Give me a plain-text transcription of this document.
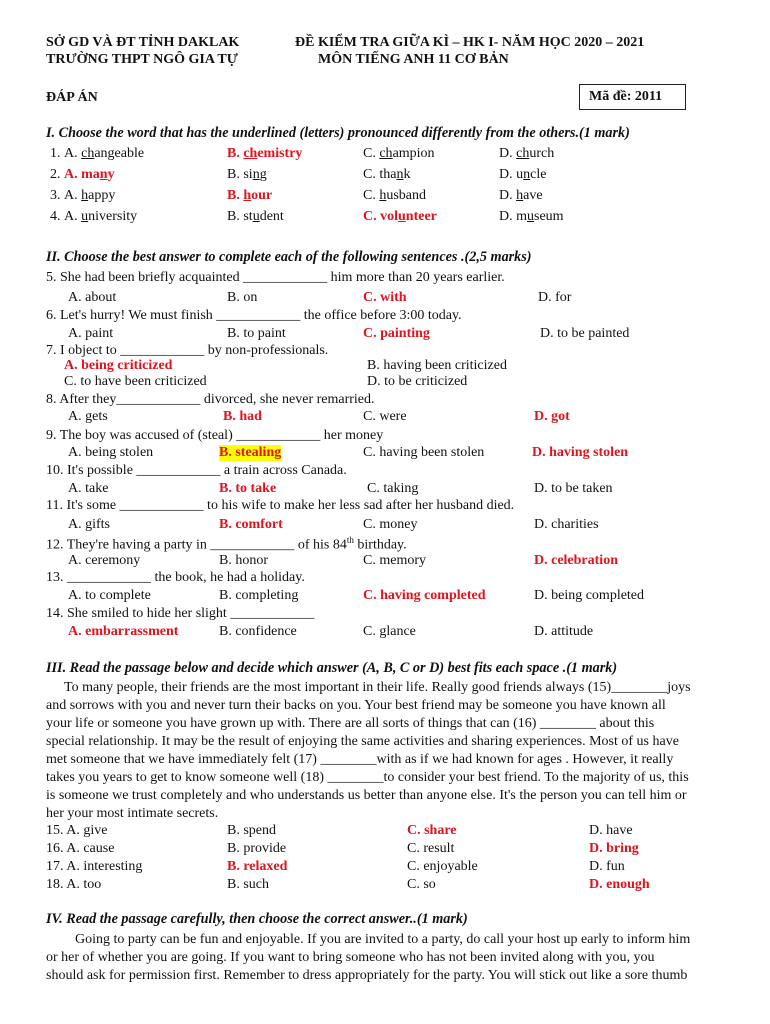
SỞ GD VÀ ĐT TỈNH DAKLAK
TRƯỜNG THPT NGÔ GIA TỰ
ĐỀ KIỂM TRA GIỮA KÌ – HK I- NĂM HỌC 2020 – 2021
MÔN TIẾNG ANH 11 CƠ BẢN
ĐÁP ÁN	Mã đề: 2011
I. Choose the word that has the underlined (letters) pronounced differently from the others.(1 mark)
1. A. changeable	B. chemistry	C. champion	D. church
2. A. many	B. sing	C. thank	D. uncle
3. A. happy	B. hour	C. husband	D. have
4. A. university	B. student	C. volunteer	D. museum
II. Choose the best answer to complete each of the following sentences .(2,5 marks)
5. She had been briefly acquainted ____________ him more than 20 years earlier.
A. about	B. on	C. with	D. for
6. Let's hurry! We must finish ____________ the office before 3:00 today.
A. paint	B. to paint	C. painting	D. to be painted
7. I object to ____________ by non-professionals.
A. being criticized	B. having been criticized
C. to have been criticized	D. to be criticized
8. After they____________ divorced, she never remarried.
A. gets	B. had	C. were	D. got
9. The boy was accused of (steal) ____________ her money
A. being stolen	B. stealing	C. having been stolen	D. having stolen
10. It's possible ____________ a train across Canada.
A. take	B. to take	C. taking	D. to be taken
11. It's some ____________ to his wife to make her less sad after her husband died.
A. gifts	B. comfort	C. money	D. charities
12. They're having a party in ____________ of his 84th birthday.
A. ceremony	B. honor	C. memory	D. celebration
13. ____________ the book, he had a holiday.
A. to complete	B. completing	C. having completed	D. being completed
14. She smiled to hide her slight ____________
A. embarrassment	B. confidence	C. glance	D. attitude
III. Read the passage below and decide which answer (A, B, C or D) best fits each space .(1 mark)
To many people, their friends are the most important in their life. Really good friends always (15)________joys
and sorrows with you and never turn their backs on you. Your best friend may be someone you have known all
your life or someone you have grown up with. There are all sorts of things that can (16) ________ about this
special relationship. It may be the result of enjoying the same activities and sharing experiences. Most of us have
met someone that we have immediately felt (17) ________with as if we had known for ages . However, it really
takes you years to get to know someone well (18) ________to consider your best friend. To the majority of us, this
is someone we trust completely and who understands us better than anyone else. It's the person you can tell him or
her your most intimate secrets.
15. A. give	B. spend	C. share	D. have
16. A. cause	B. provide	C. result	D. bring
17. A. interesting	B. relaxed	C. enjoyable	D. fun
18. A. too	B. such	C. so	D. enough
IV. Read the passage carefully, then choose the correct answer..(1 mark)
Going to party can be fun and enjoyable. If you are invited to a party, do call your host up early to inform him
or her of whether you are going. If you want to bring someone who has not been invited along with you, you
should ask for permission first. Remember to dress appropriately for the party. You will stick out like a sore thumb
